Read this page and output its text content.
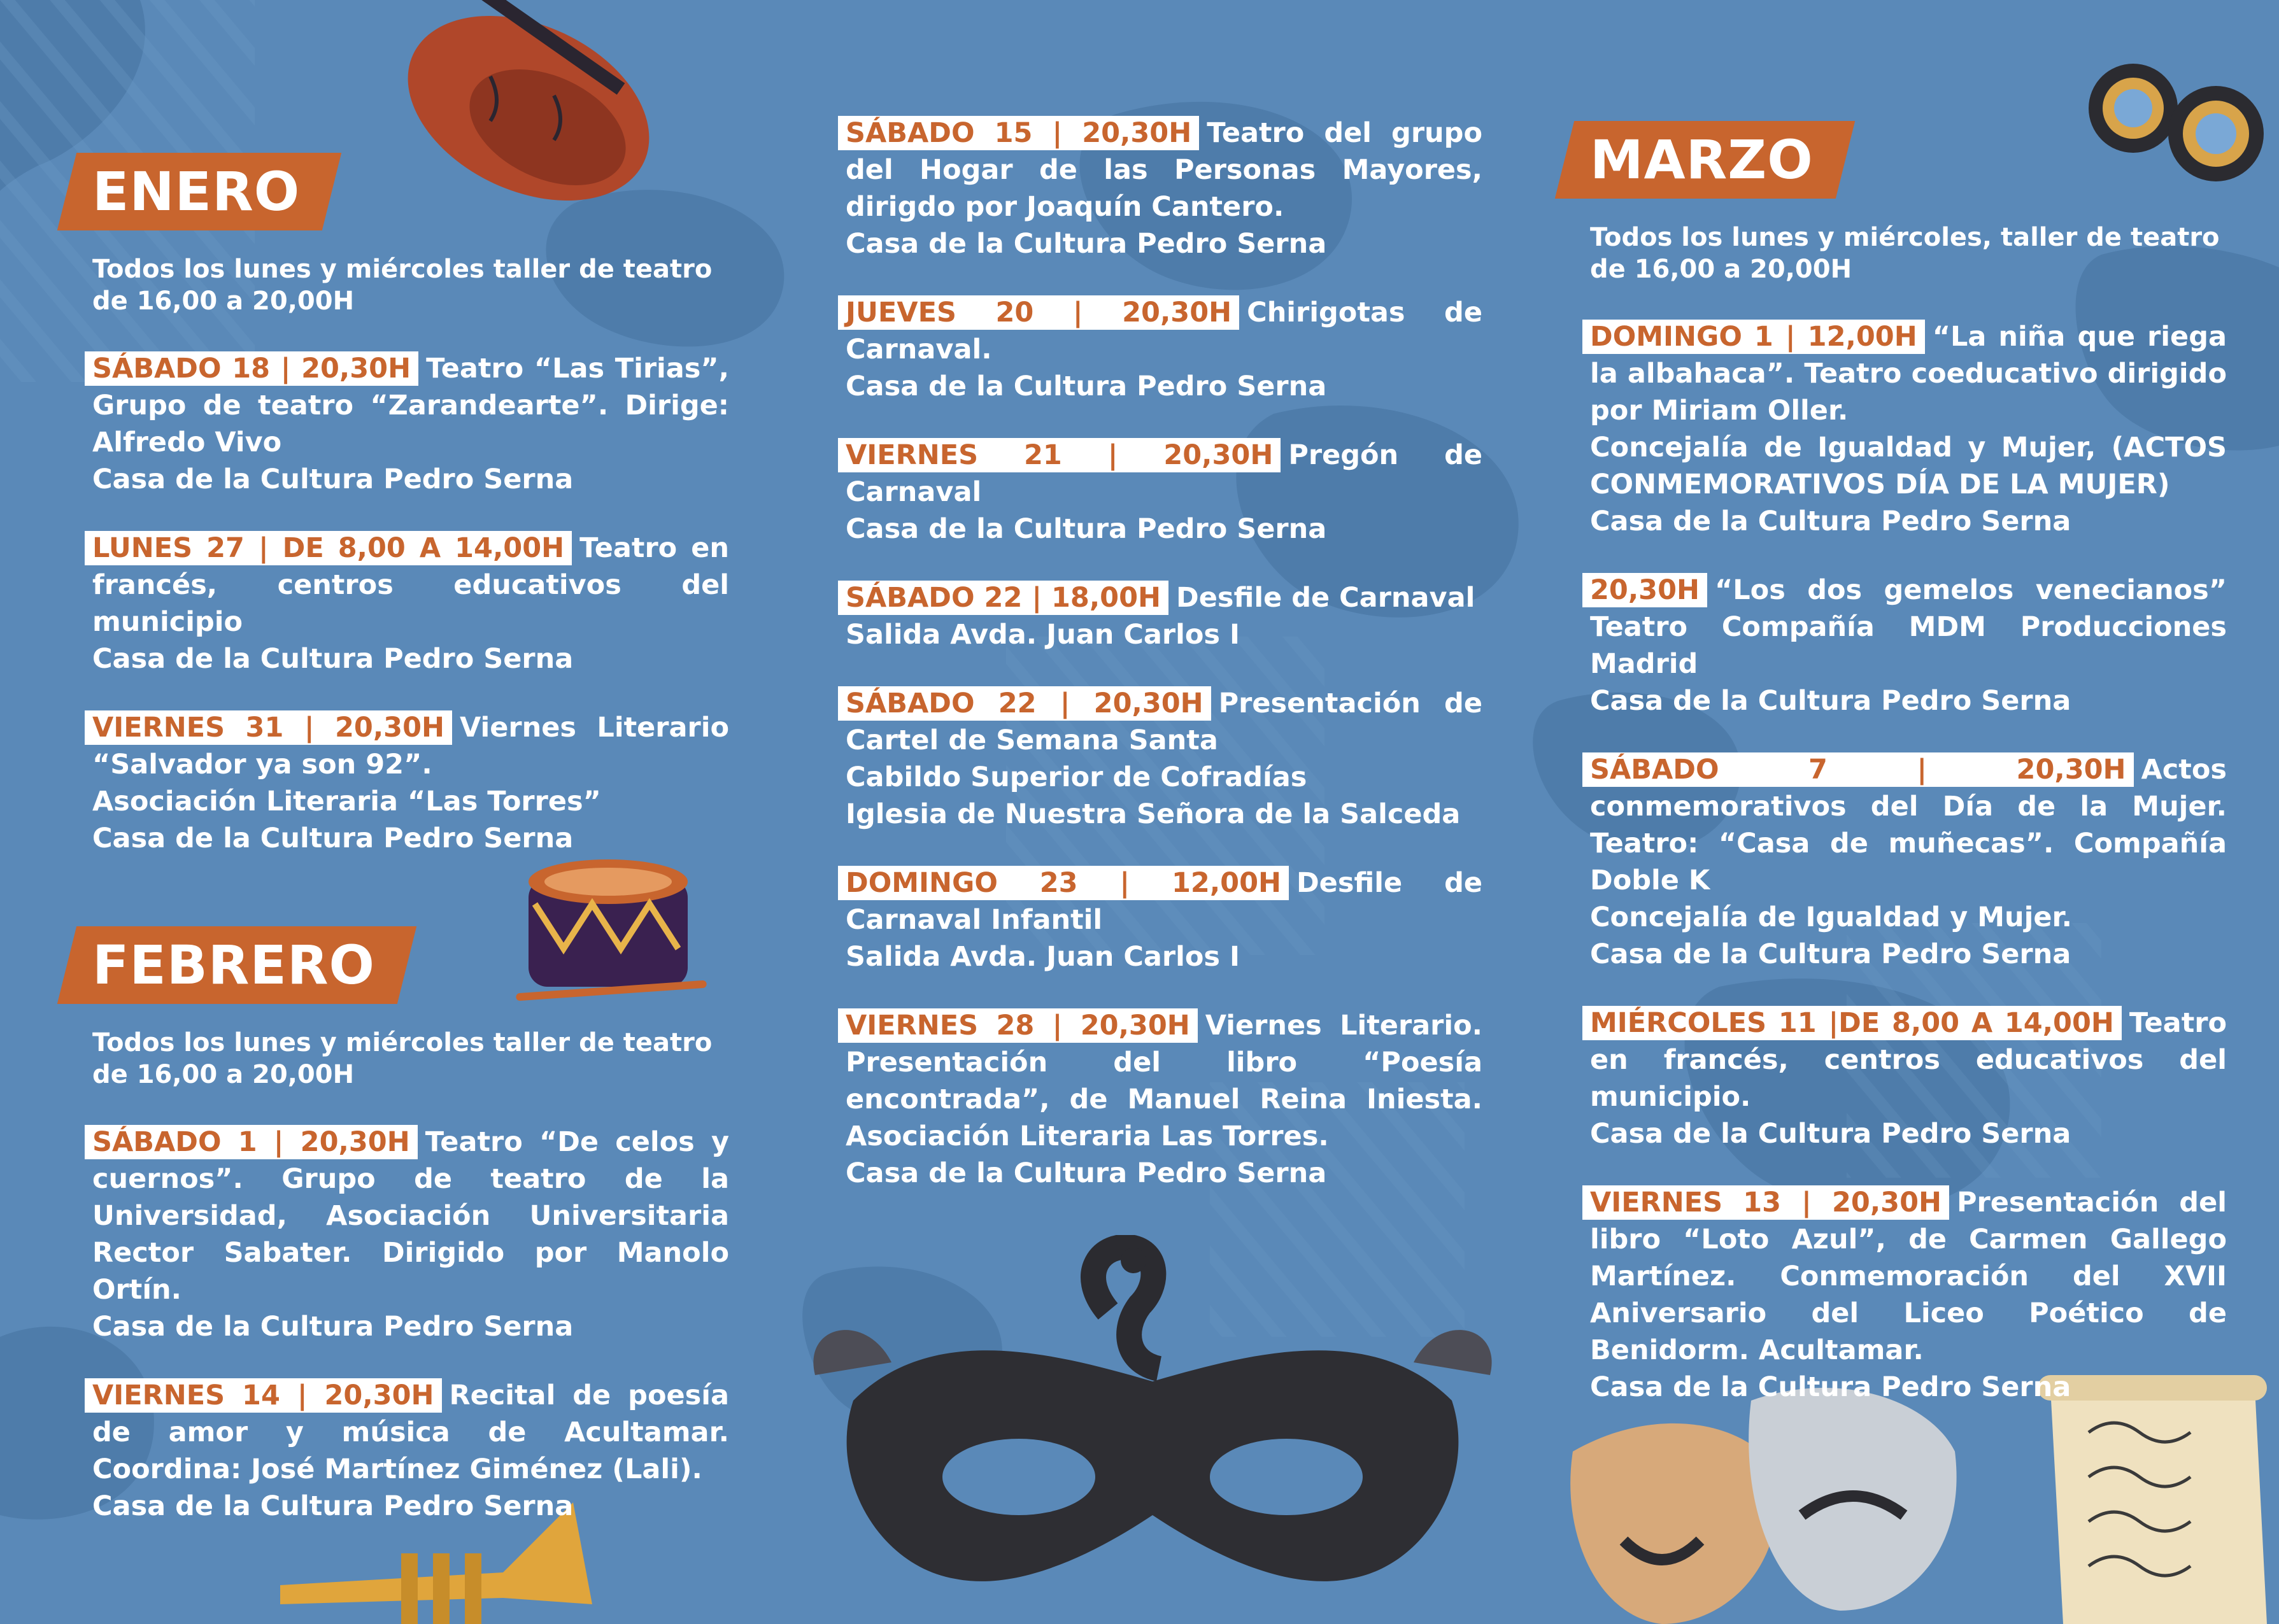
ENERO
Todos los lunes y miércoles taller de teatro de 16,00 a 20,00H

SÁBADO 18 | 20,30H Teatro “Las Tirias”, Grupo de teatro “Zarandearte”. Dirige: Alfredo Vivo

Casa de la Cultura Pedro Serna

LUNES 27 | DE 8,00 A 14,00H Teatro en francés, centros educativos del municipio

Casa de la Cultura Pedro Serna

VIERNES 31 | 20,30H Viernes Literario “Salvador ya son 92”.

Asociación Literaria “Las Torres”

Casa de la Cultura Pedro Serna

FEBRERO
Todos los lunes y miércoles taller de teatro de 16,00 a 20,00H

SÁBADO 1 | 20,30H Teatro “De celos y cuernos”. Grupo de teatro de la Universidad, Asociación Universitaria Rector Sabater. Dirigido por Manolo Ortín.

Casa de la Cultura Pedro Serna

VIERNES 14 | 20,30H Recital de poesía de amor y música de Acultamar. Coordina: José Martínez Giménez (Lali).

Casa de la Cultura Pedro Serna

SÁBADO 15 | 20,30H Teatro del grupo del Hogar de las Personas Mayores, dirigdo por Joaquín Cantero.

Casa de la Cultura Pedro Serna

JUEVES 20 | 20,30H Chirigotas de Carnaval.

Casa de la Cultura Pedro Serna

VIERNES 21 | 20,30H Pregón de Carnaval

Casa de la Cultura Pedro Serna

SÁBADO 22 | 18,00H Desfile de Carnaval

Salida Avda. Juan Carlos I

SÁBADO 22 | 20,30H Presentación de Cartel de Semana Santa

Cabildo Superior de Cofradías

Iglesia de Nuestra Señora de la Salceda

DOMINGO 23 | 12,00H Desfile de Carnaval Infantil

Salida Avda. Juan Carlos I

VIERNES 28 | 20,30H Viernes Literario. Presentación del libro “Poesía encontrada”, de Manuel Reina Iniesta. Asociación Literaria Las Torres.

Casa de la Cultura Pedro Serna

MARZO
Todos los lunes y miércoles, taller de teatro de 16,00 a 20,00H

DOMINGO 1 | 12,00H “La niña que riega la albahaca”. Teatro coeducativo dirigido por Miriam Oller.

Concejalía de Igualdad y Mujer, (ACTOS CONMEMORATIVOS DÍA DE LA MUJER)

Casa de la Cultura Pedro Serna

20,30H “Los dos gemelos venecianos” Teatro Compañía MDM Producciones Madrid

Casa de la Cultura Pedro Serna

SÁBADO 7 | 20,30H Actos conmemorativos del Día de la Mujer. Teatro: “Casa de muñecas”. Compañía Doble K

Concejalía de Igualdad y Mujer.

Casa de la Cultura Pedro Serna

MIÉRCOLES 11 |DE 8,00 A 14,00H Teatro en francés, centros educativos del municipio.

Casa de la Cultura Pedro Serna

VIERNES 13 | 20,30H Presentación del libro “Loto Azul”, de Carmen Gallego Martínez. Conmemoración del XVII Aniversario del Liceo Poético de Benidorm. Acultamar.

Casa de la Cultura Pedro Serna
